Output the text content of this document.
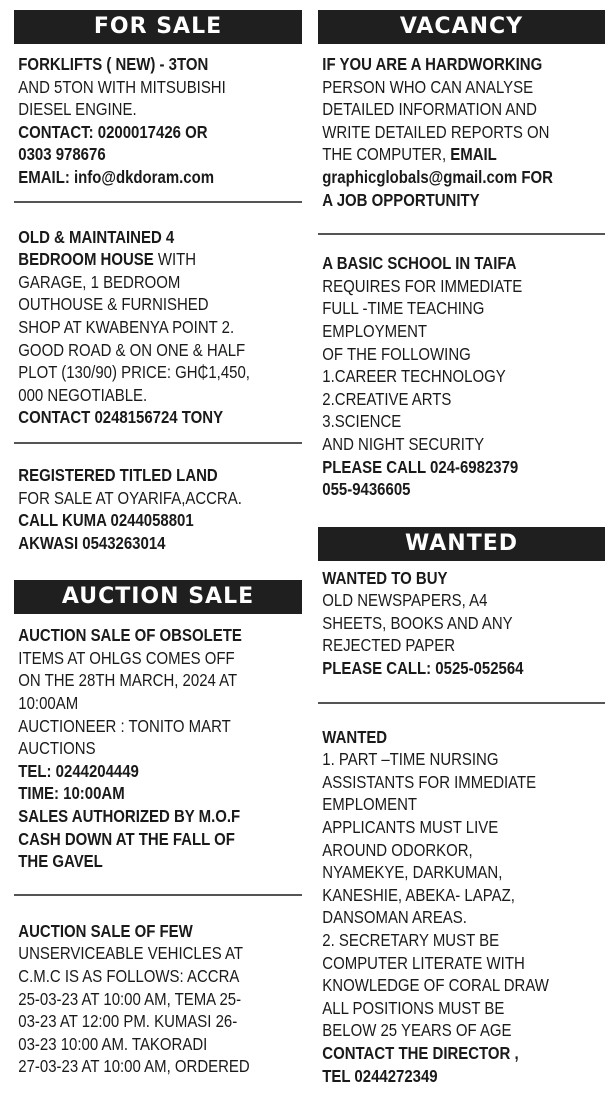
FOR SALE
FORKLIFTS ( NEW) - 3TON
AND 5TON WITH MITSUBISHI
DIESEL ENGINE.
CONTACT: 0200017426 OR
0303 978676
EMAIL: info@dkdoram.com
OLD & MAINTAINED 4
BEDROOM HOUSE WITH
GARAGE, 1 BEDROOM
OUTHOUSE & FURNISHED
SHOP AT KWABENYA POINT 2.
GOOD ROAD & ON ONE & HALF
PLOT (130/90) PRICE: GH₵1,450,
000 NEGOTIABLE.
CONTACT 0248156724 TONY
REGISTERED TITLED LAND
FOR SALE AT OYARIFA,ACCRA.
CALL KUMA 0244058801
AKWASI 0543263014
AUCTION SALE
AUCTION SALE OF OBSOLETE
ITEMS AT OHLGS COMES OFF
ON THE 28TH MARCH, 2024 AT
10:00AM
AUCTIONEER : TONITO MART
AUCTIONS
TEL: 0244204449
TIME: 10:00AM
SALES AUTHORIZED BY M.O.F
CASH DOWN AT THE FALL OF
THE GAVEL
AUCTION SALE OF FEW
UNSERVICEABLE VEHICLES AT
C.M.C IS AS FOLLOWS: ACCRA
25-03-23 AT 10:00 AM, TEMA 25-
03-23 AT 12:00 PM. KUMASI 26-
03-23 10:00 AM. TAKORADI
27-03-23 AT 10:00 AM, ORDERED
VACANCY
IF YOU ARE A HARDWORKING
PERSON WHO CAN ANALYSE
DETAILED INFORMATION AND
WRITE DETAILED REPORTS ON
THE COMPUTER, EMAIL
graphicglobals@gmail.com FOR
A JOB OPPORTUNITY
A BASIC SCHOOL IN TAIFA
REQUIRES FOR IMMEDIATE
FULL -TIME TEACHING
EMPLOYMENT
OF THE FOLLOWING
1.CAREER TECHNOLOGY
2.CREATIVE ARTS
3.SCIENCE
AND NIGHT SECURITY
PLEASE CALL 024-6982379
055-9436605
WANTED
WANTED TO BUY
OLD NEWSPAPERS, A4
SHEETS, BOOKS AND ANY
REJECTED PAPER
PLEASE CALL: 0525-052564
WANTED
1. PART –TIME NURSING
ASSISTANTS FOR IMMEDIATE
EMPLOMENT
APPLICANTS MUST LIVE
AROUND ODORKOR,
NYAMEKYE, DARKUMAN,
KANESHIE, ABEKA- LAPAZ,
DANSOMAN AREAS.
2. SECRETARY MUST BE
COMPUTER LITERATE WITH
KNOWLEDGE OF CORAL DRAW
ALL POSITIONS MUST BE
BELOW 25 YEARS OF AGE
CONTACT THE DIRECTOR ,
TEL 0244272349
